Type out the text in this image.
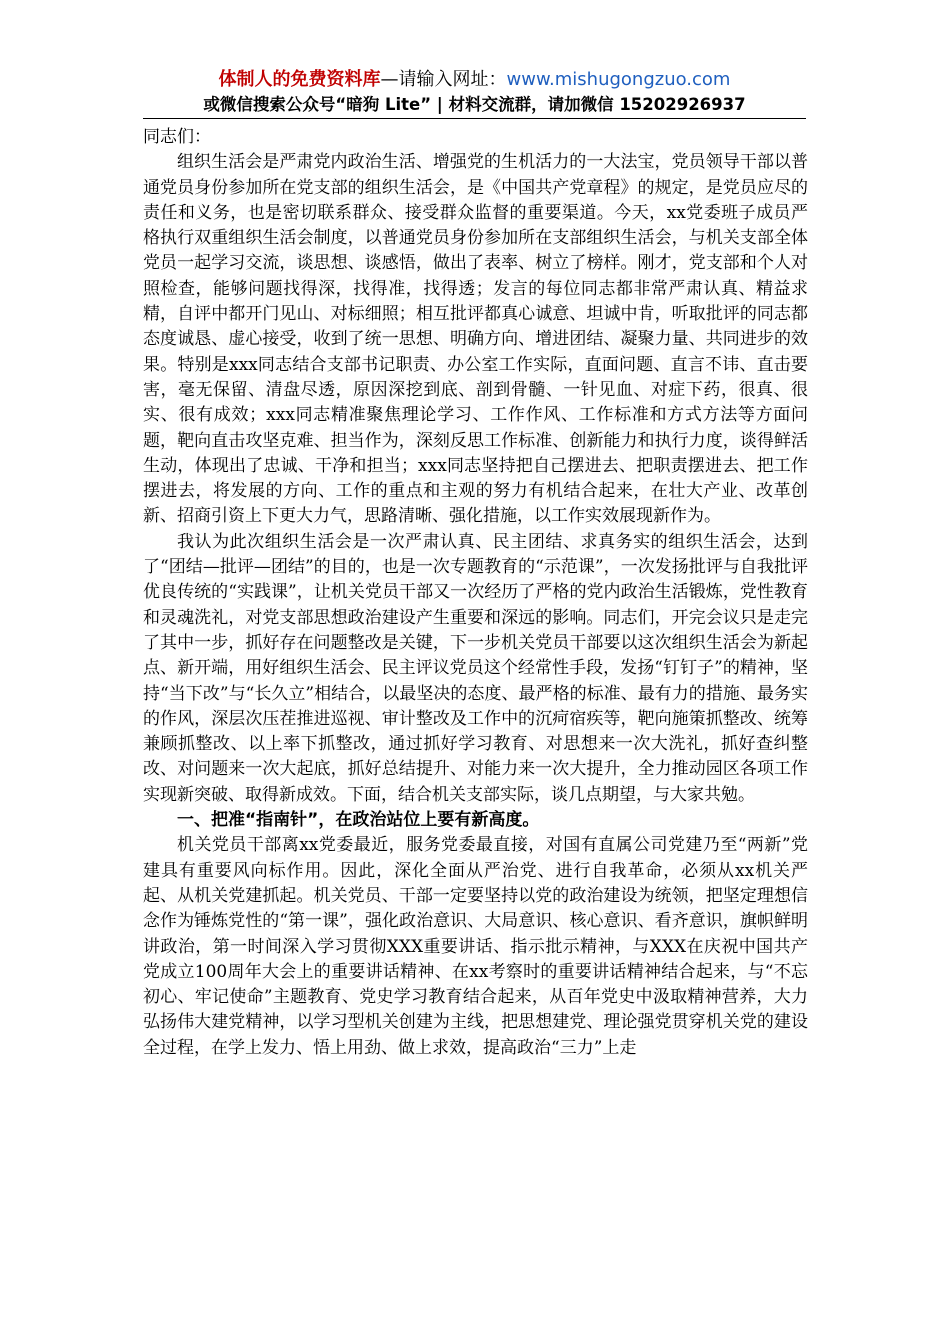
体制人的免费资料库—请输入网址：www.mishugongzuo.com
或微信搜索公众号“暗狗 Lite” | 材料交流群，请加微信 15202926937

同志们：

组织生活会是严肃党内政治生活、增强党的生机活力的一大法宝，党员领导干部以普通党员身份参加所在党支部的组织生活会，是《中国共产党章程》的规定，是党员应尽的责任和义务，也是密切联系群众、接受群众监督的重要渠道。今天，xx党委班子成员严格执行双重组织生活会制度，以普通党员身份参加所在支部组织生活会，与机关支部全体党员一起学习交流，谈思想、谈感悟，做出了表率、树立了榜样。刚才，党支部和个人对照检查，能够问题找得深，找得准，找得透；发言的每位同志都非常严肃认真、精益求精，自评中都开门见山、对标细照；相互批评都真心诚意、坦诚中肯，听取批评的同志都态度诚恳、虚心接受，收到了统一思想、明确方向、增进团结、凝聚力量、共同进步的效果。特别是xxx同志结合支部书记职责、办公室工作实际，直面问题、直言不讳、直击要害，毫无保留、清盘尽透，原因深挖到底、剖到骨髓、一针见血、对症下药，很真、很实、很有成效；xxx同志精准聚焦理论学习、工作作风、工作标准和方式方法等方面问题，靶向直击攻坚克难、担当作为，深刻反思工作标准、创新能力和执行力度，谈得鲜活生动，体现出了忠诚、干净和担当；xxx同志坚持把自己摆进去、把职责摆进去、把工作摆进去，将发展的方向、工作的重点和主观的努力有机结合起来，在壮大产业、改革创新、招商引资上下更大力气，思路清晰、强化措施，以工作实效展现新作为。

我认为此次组织生活会是一次严肃认真、民主团结、求真务实的组织生活会，达到了“团结—批评—团结”的目的，也是一次专题教育的“示范课”，一次发扬批评与自我批评优良传统的“实践课”，让机关党员干部又一次经历了严格的党内政治生活锻炼，党性教育和灵魂洗礼，对党支部思想政治建设产生重要和深远的影响。同志们，开完会议只是走完了其中一步，抓好存在问题整改是关键，下一步机关党员干部要以这次组织生活会为新起点、新开端，用好组织生活会、民主评议党员这个经常性手段，发扬“钉钉子”的精神，坚持“当下改”与“长久立”相结合，以最坚决的态度、最严格的标准、最有力的措施、最务实的作风，深层次压茬推进巡视、审计整改及工作中的沉疴宿疾等，靶向施策抓整改、统筹兼顾抓整改、以上率下抓整改，通过抓好学习教育、对思想来一次大洗礼，抓好查纠整改、对问题来一次大起底，抓好总结提升、对能力来一次大提升，全力推动园区各项工作实现新突破、取得新成效。下面，结合机关支部实际，谈几点期望，与大家共勉。

一、把准“指南针”，在政治站位上要有新高度。

机关党员干部离xx党委最近，服务党委最直接，对国有直属公司党建乃至“两新”党建具有重要风向标作用。因此，深化全面从严治党、进行自我革命，必须从xx机关严起、从机关党建抓起。机关党员、干部一定要坚持以党的政治建设为统领，把坚定理想信念作为锤炼党性的“第一课”，强化政治意识、大局意识、核心意识、看齐意识，旗帜鲜明讲政治，第一时间深入学习贯彻XXX重要讲话、指示批示精神，与XXX在庆祝中国共产党成立100周年大会上的重要讲话精神、在xx考察时的重要讲话精神结合起来，与“不忘初心、牢记使命”主题教育、党史学习教育结合起来，从百年党史中汲取精神营养，大力弘扬伟大建党精神，以学习型机关创建为主线，把思想建党、理论强党贯穿机关党的建设全过程，在学上发力、悟上用劲、做上求效，提高政治“三力”上走
